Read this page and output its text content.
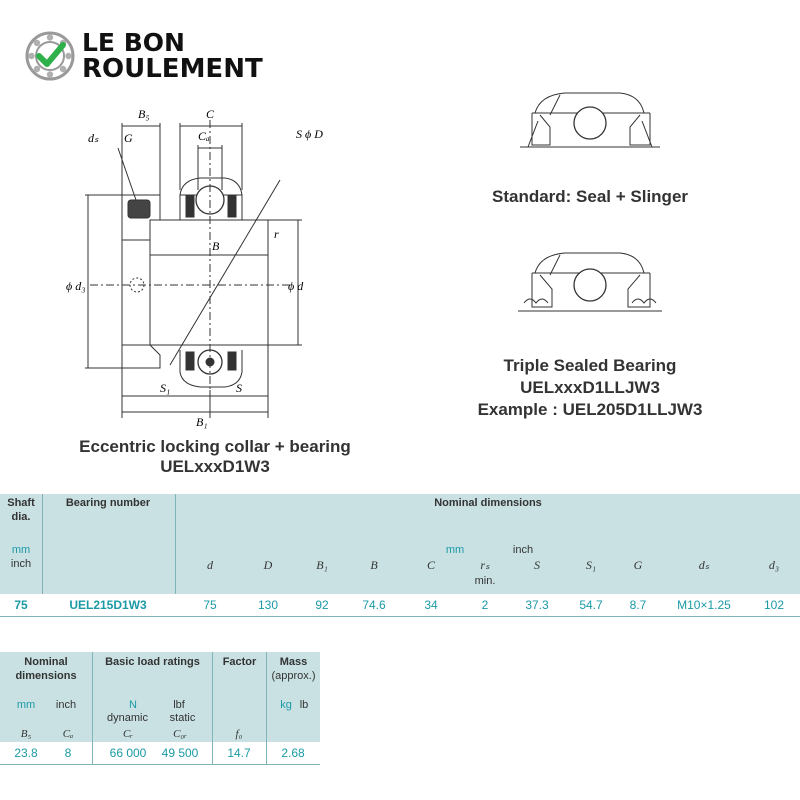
LE BON
ROULEMENT
B₅	C
dₛ G	Cₐ	S ϕ D
B
r
ϕ d₃	ϕ d
S₁	S
B₁
Eccentric locking collar + bearing
UELxxxD1W3
Standard: Seal + Slinger
Triple Sealed Bearing
UELxxxD1LLJW3
Example : UEL205D1LLJW3
Shaft
dia.
mm
inch
Bearing number	Nominal dimensions
mm	inch
d	D	B₁	B	C	rₛ	S	S₁	G	dₛ	d₃
min.
75	UEL215D1W3	75	130	92	74.6	34	2	37.3	54.7	8.7	M10×1.25	102
Nominal
dimensions
Basic load ratings	Factor	Mass
(approx.)
mm	inch	N	lbf
dynamic	static
kg lb
B₅	Cₐ	Cᵣ	C₀ᵣ	f₀
23.8	8	66 000	49 500	14.7	2.68
